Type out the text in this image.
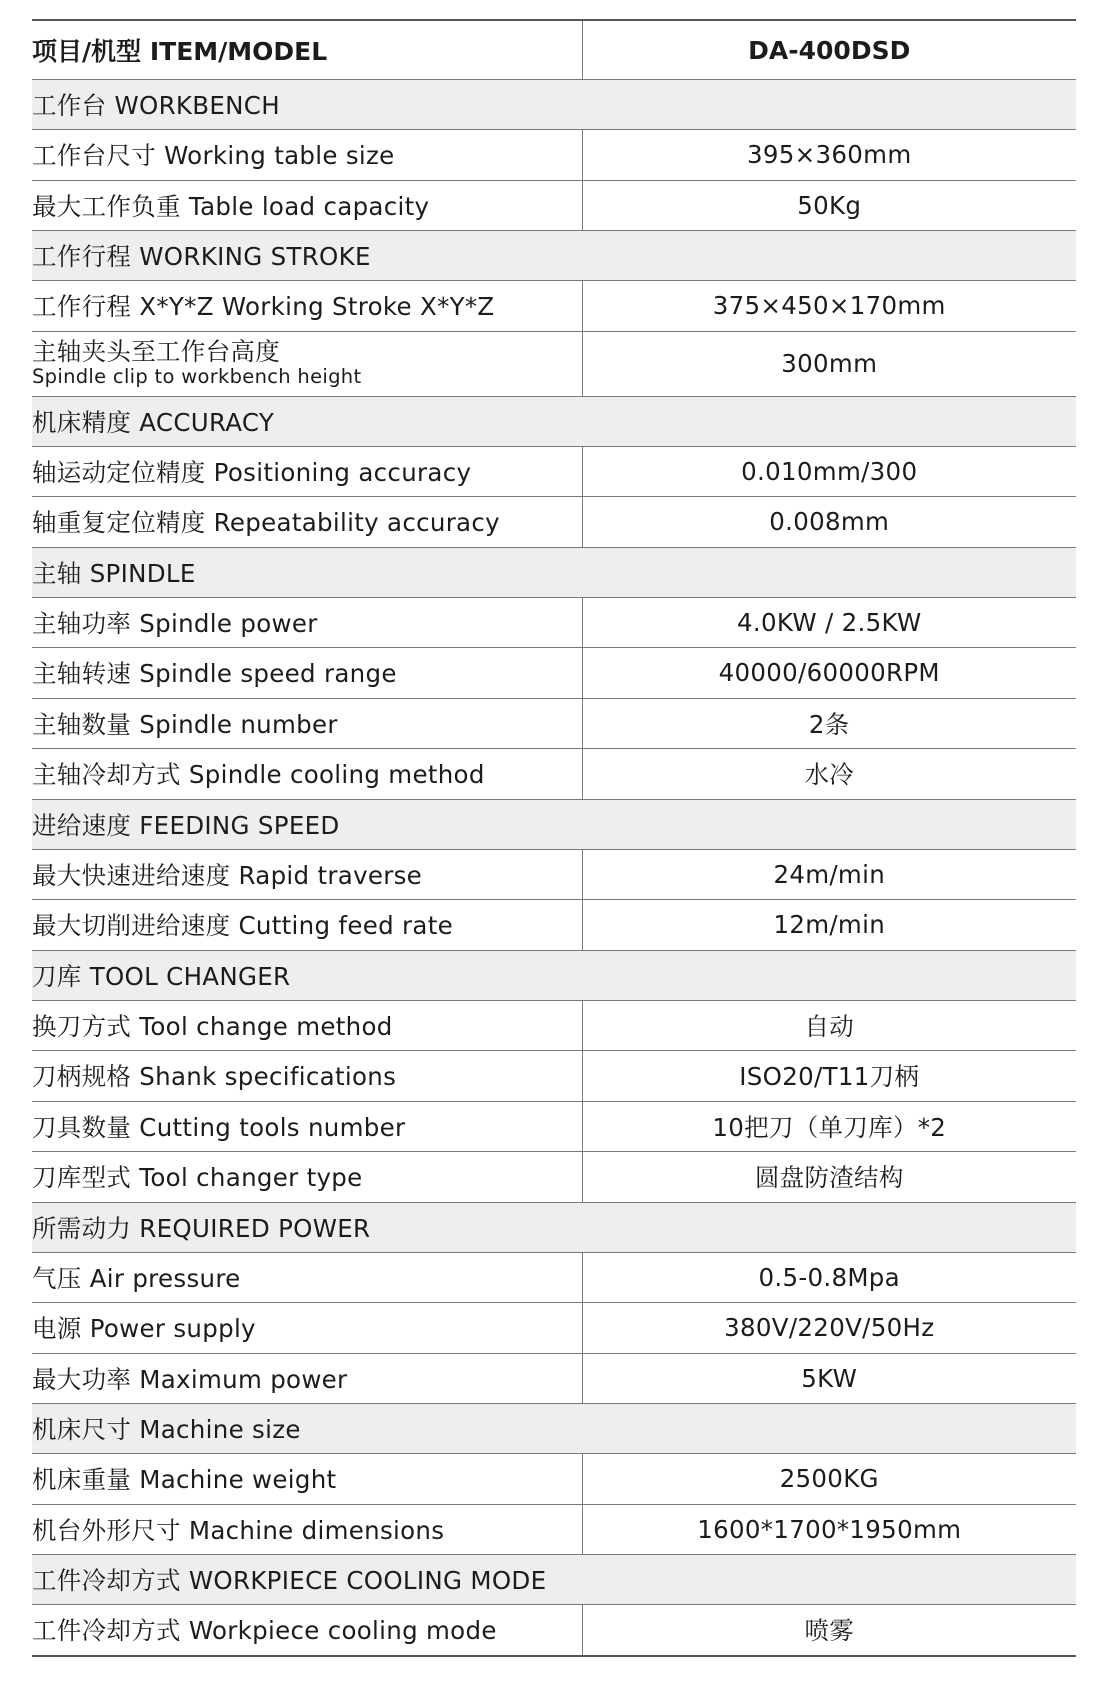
项目/机型 ITEM/MODEL	DA-400DSD
工作台 WORKBENCH	
工作台尺寸 Working table size	395×360mm
最大工作负重 Table load capacity	50Kg
工作行程 WORKING STROKE	
工作行程 X*Y*Z Working Stroke X*Y*Z	375×450×170mm

主轴夹头至工作台高度
Spindle clip to workbench height	300mm
机床精度 ACCURACY	
轴运动定位精度 Positioning accuracy	0.010mm/300
轴重复定位精度 Repeatability accuracy	0.008mm
主轴 SPINDLE	
主轴功率 Spindle power	4.0KW / 2.5KW
主轴转速 Spindle speed range	40000/60000RPM
主轴数量 Spindle number	2条
主轴冷却方式 Spindle cooling method	水冷
进给速度 FEEDING SPEED	
最大快速进给速度 Rapid traverse	24m/min
最大切削进给速度 Cutting feed rate	12m/min
刀库 TOOL CHANGER	
换刀方式 Tool change method	自动
刀柄规格 Shank specifications	ISO20/T11刀柄
刀具数量 Cutting tools number	10把刀（单刀库）*2
刀库型式 Tool changer type	圆盘防渣结构
所需动力 REQUIRED POWER	
气压 Air pressure	0.5-0.8Mpa
电源 Power supply	380V/220V/50Hz
最大功率 Maximum power	5KW
机床尺寸 Machine size	
机床重量 Machine weight	2500KG
机台外形尺寸 Machine dimensions	1600*1700*1950mm
工件冷却方式 WORKPIECE COOLING MODE	
工件冷却方式 Workpiece cooling mode	喷雾
